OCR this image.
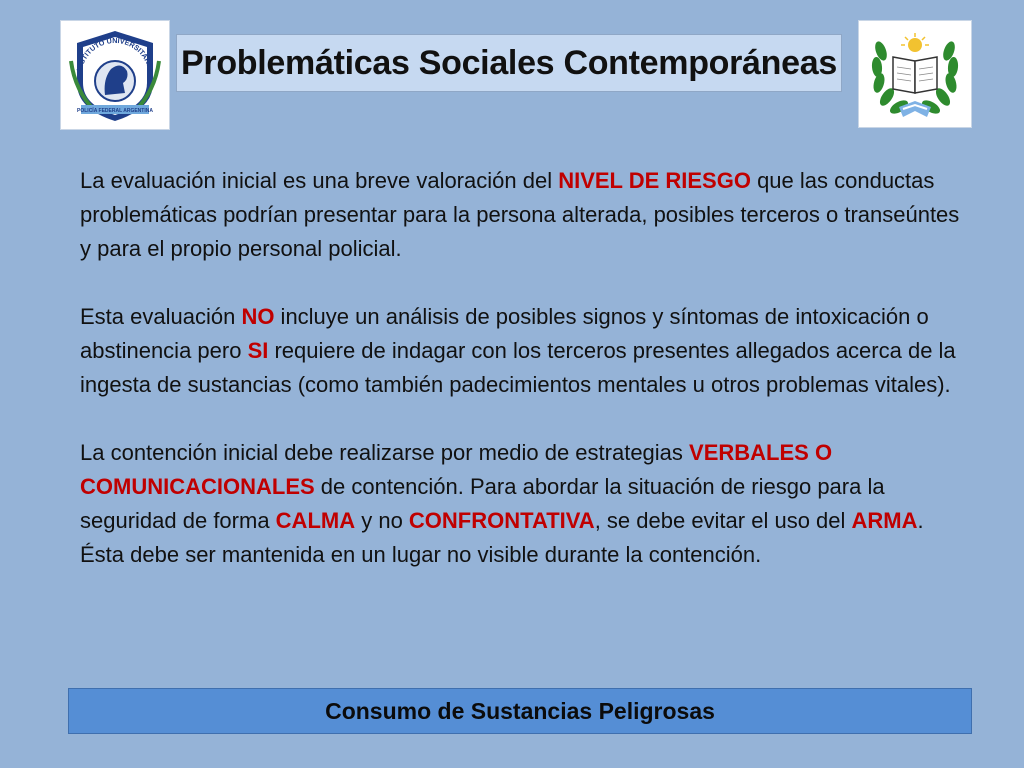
INSTITUTO UNIVERSITARIO
POLICÍA FEDERAL ARGENTINA
Problemáticas Sociales Contemporáneas

La evaluación inicial es una breve valoración del NIVEL DE RIESGO que las conductas problemáticas podrían presentar para la persona alterada, posibles terceros o transeúntes y para el propio personal policial.

Esta evaluación NO incluye un análisis de posibles signos y síntomas de intoxicación o abstinencia pero SI requiere de indagar con los terceros presentes allegados acerca de la ingesta de sustancias (como también padecimientos mentales u otros problemas vitales).

La contención inicial debe realizarse por medio de estrategias VERBALES O COMUNICACIONALES de contención. Para abordar la situación de riesgo para la seguridad de forma CALMA y no CONFRONTATIVA, se debe evitar el uso del ARMA. Ésta debe ser mantenida en un lugar no visible durante la contención.

Consumo de Sustancias Peligrosas
